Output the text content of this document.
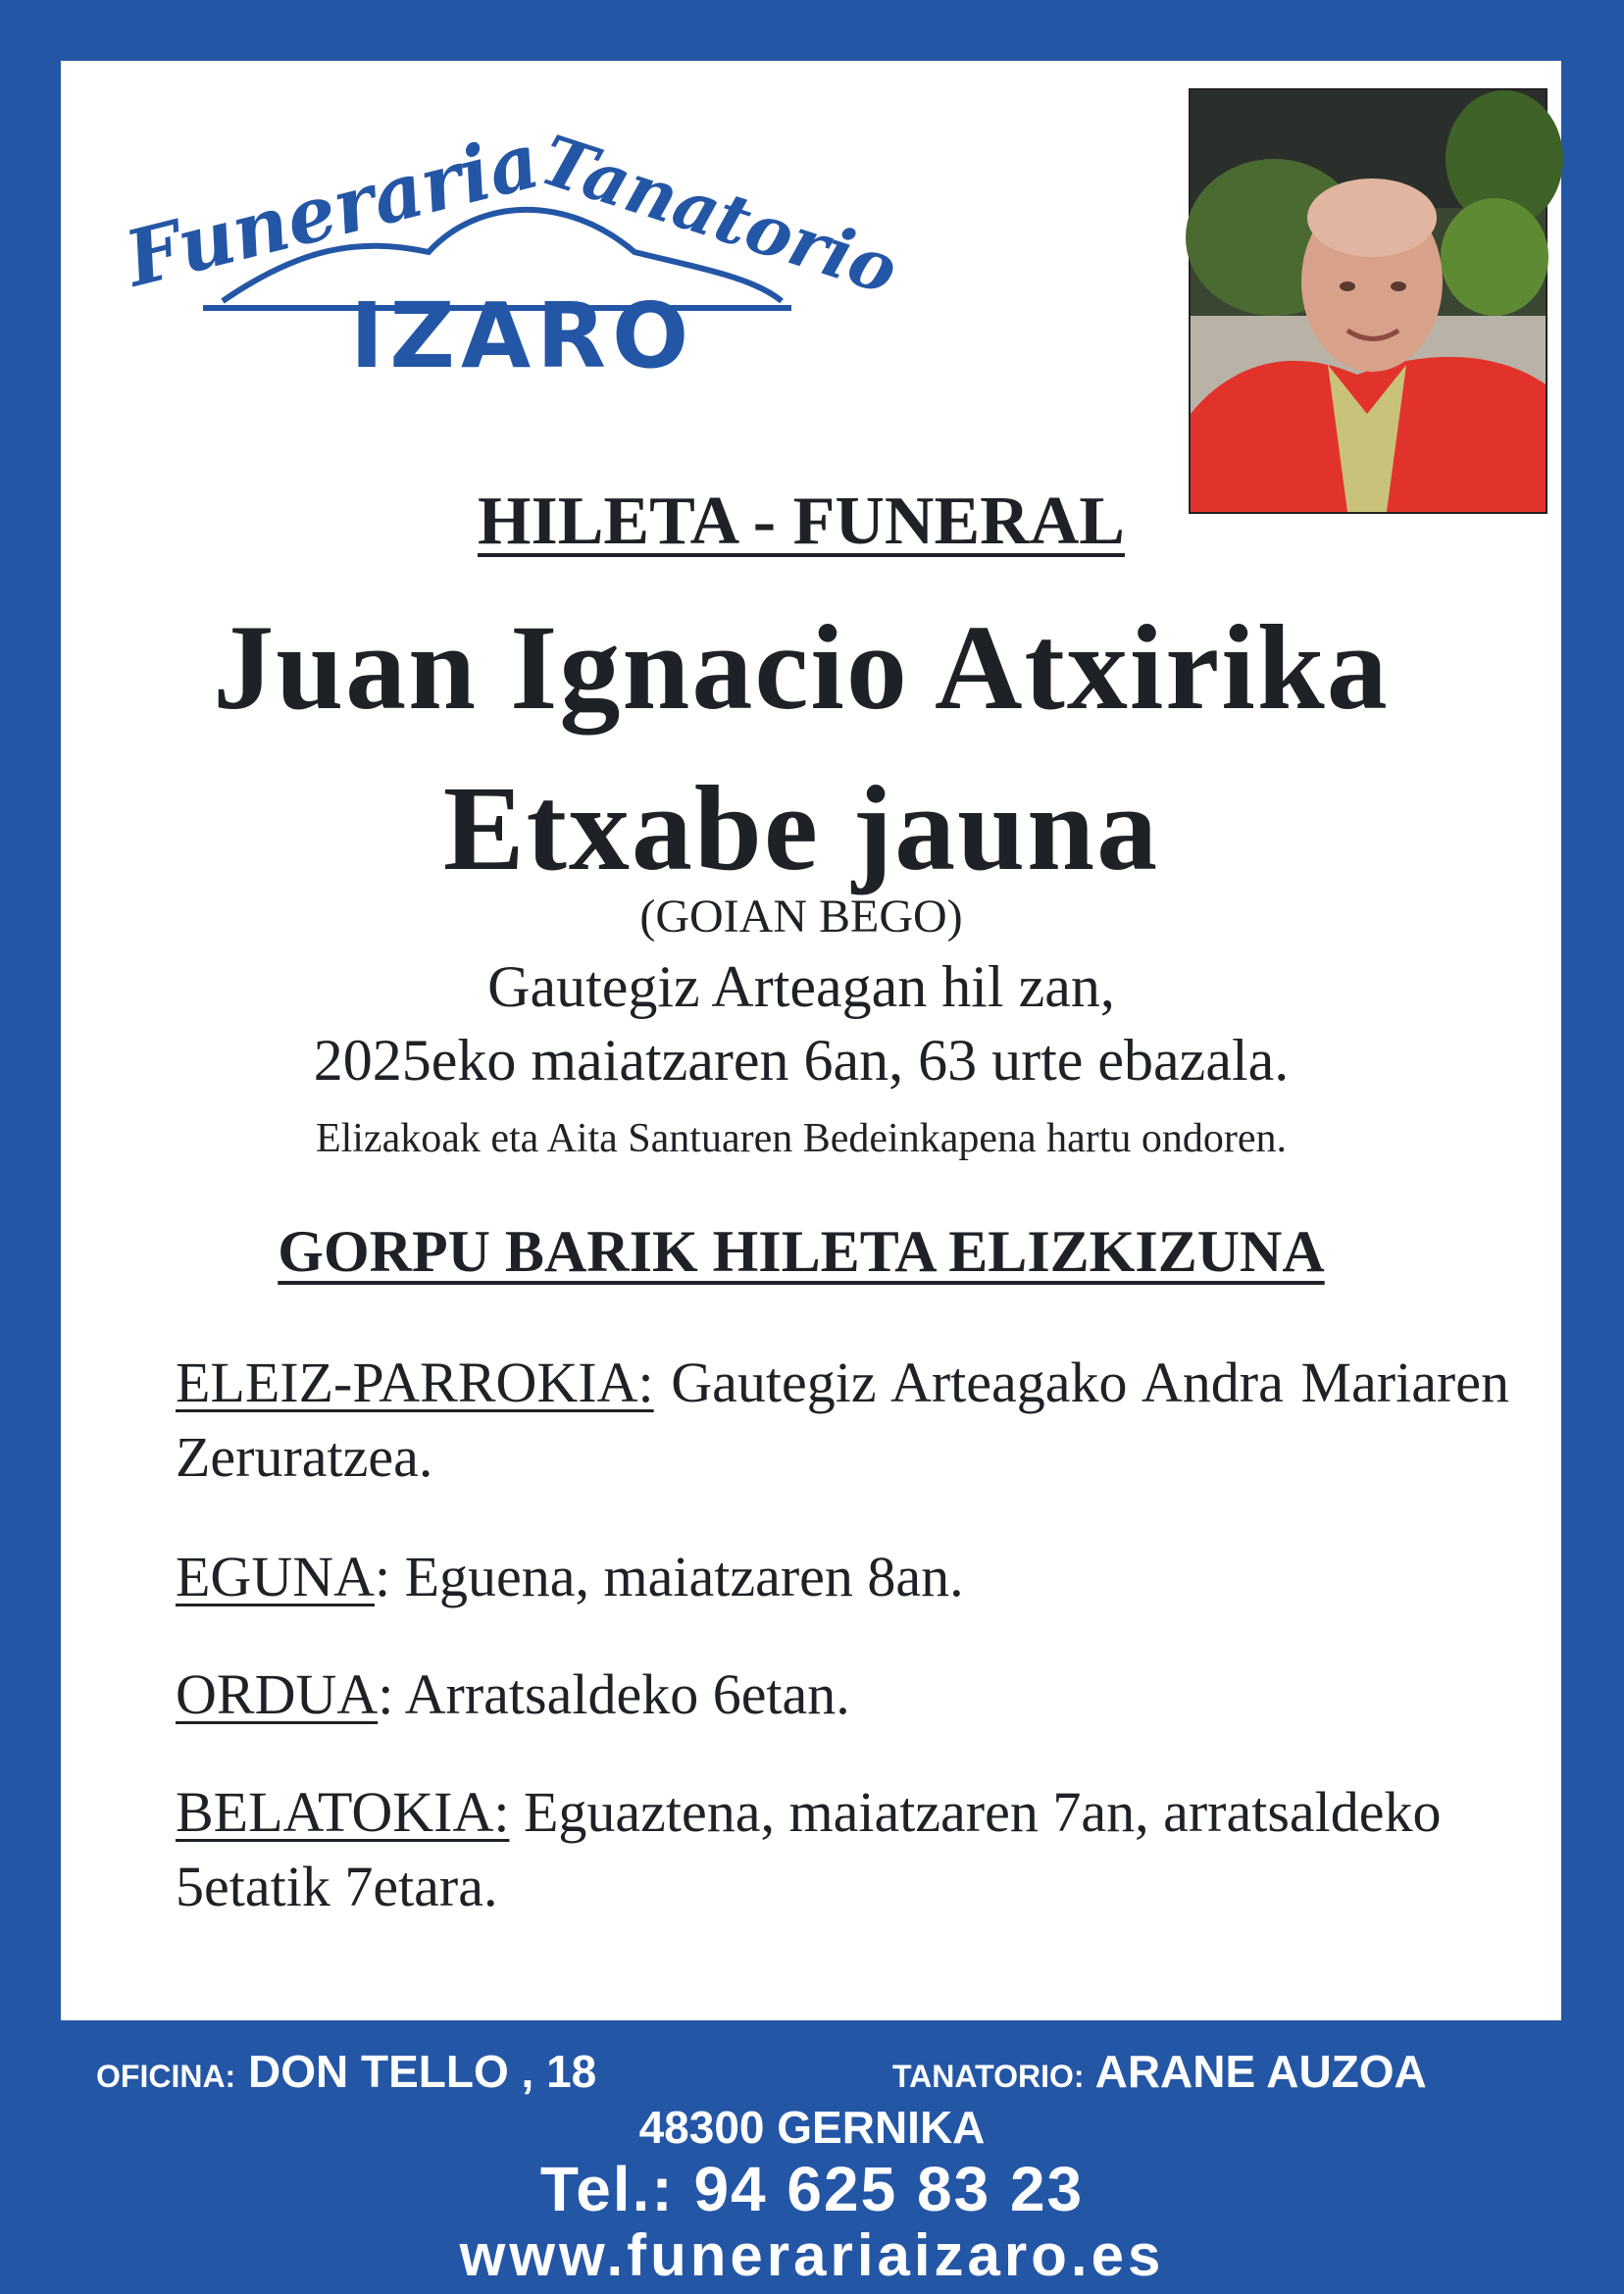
Funeraria
Tanatorio
IZARO
HILETA - FUNERAL
Juan Ignacio Atxirika
Etxabe jauna
(GOIAN BEGO)
Gautegiz Arteagan hil zan,
2025eko maiatzaren 6an, 63 urte ebazala.
Elizakoak eta Aita Santuaren Bedeinkapena hartu ondoren.
GORPU BARIK HILETA ELIZKIZUNA
ELEIZ-PARROKIA: Gautegiz Arteagako Andra Mariaren Zeruratzea.
EGUNA: Eguena, maiatzaren 8an.
ORDUA: Arratsaldeko 6etan.
BELATOKIA: Eguaztena, maiatzaren 7an, arratsaldeko 5etatik 7etara.
OFICINA: DON TELLO , 18	TANATORIO: ARANE AUZOA
48300 GERNIKA
Tel.: 94 625 83 23
www.funerariaizaro.es
